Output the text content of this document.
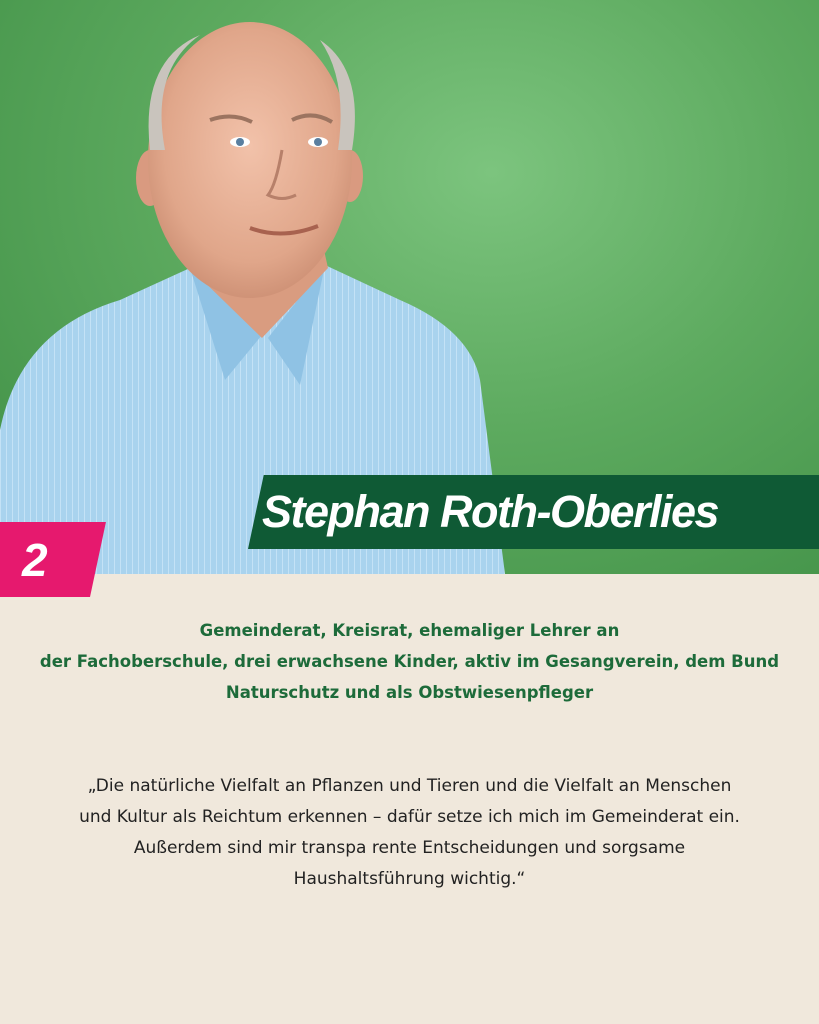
Stephan Roth-Oberlies
2
Gemeinderat, Kreisrat, ehemaliger Lehrer an
der Fachoberschule, drei erwachsene Kinder, aktiv im Gesangverein, dem Bund
Naturschutz und als Obstwiesenpfleger
„Die natürliche Vielfalt an Pflanzen und Tieren und die Vielfalt an Menschen
und Kultur als Reichtum erkennen – dafür setze ich mich im Gemeinderat ein.
Außerdem sind mir transpa rente Entscheidungen und sorgsame
Haushaltsführung wichtig.“
